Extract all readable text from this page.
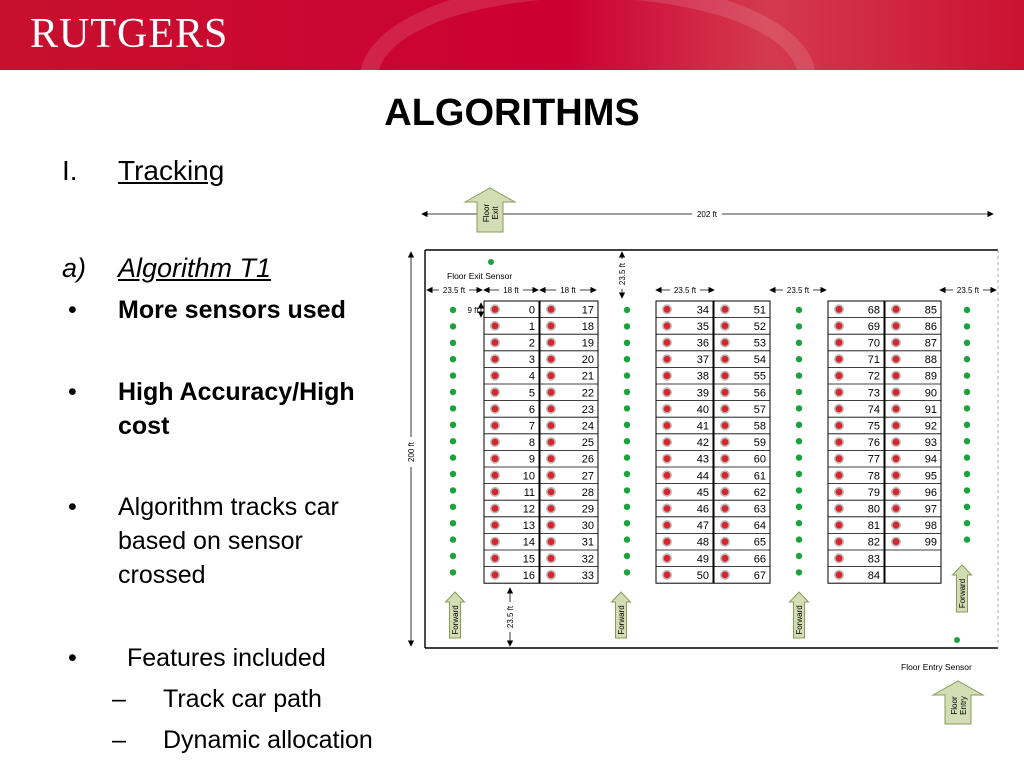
RUTGERS
ALGORITHMS
I. Tracking
a) Algorithm T1
• More sensors used
• High Accuracy/High
cost
• Algorithm tracks car
based on sensor
crossed
• Features included
– Track car path
– Dynamic allocation
202 ft
200 ft
23.5 ft
23.5 ft
23.5 ft	18 ft	18 ft	23.5 ft	23.5 ft	23.5 ft
9 ft
Floor Exit Sensor
Floor Entry Sensor
0
1
2
3
4
5
6
7
8
9
10
11
12
13
14
15
16
17
18
19
20
21
22
23
24
25
26
27
28
29
30
31
32
33
34
35
36
37
38
39
40
41
42
43
44
45
46
47
48
49
50
51
52
53
54
55
56
57
58
59
60
61
62
63
64
65
66
67
68
69
70
71
72
73
74
75
76
77
78
79
80
81
82
83
84
85
86
87
88
89
90
91
92
93
94
95
96
97
98
99
Forward	Forward	Forward
Forward
Floor Exit
Floor Entry
